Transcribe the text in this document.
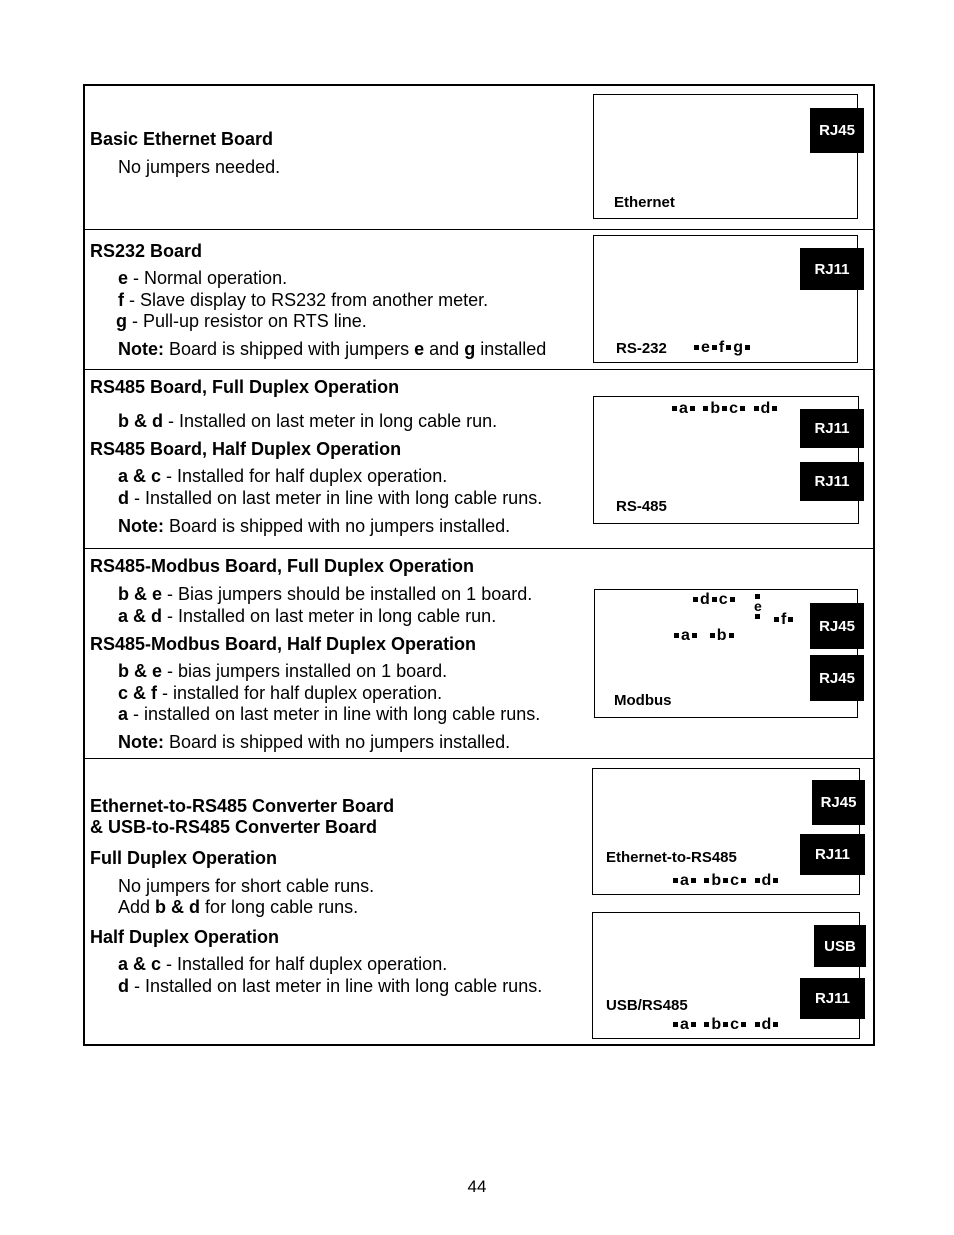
Basic Ethernet Board
No jumpers needed.
Ethernet
RJ45
RS232 Board
e - Normal operation.
f - Slave display to RS232 from another meter.
g - Pull-up resistor on RTS line.
Note: Board is shipped with jumpers e and g installed	RS-232	e f g
RJ11
RS485 Board, Full Duplex Operation
b & d - Installed on last meter in long cable run.
RS485 Board, Half Duplex Operation
a & c - Installed for half duplex operation.
d - Installed on last meter in line with long cable runs.
Note: Board is shipped with no jumpers installed.
RS-485
a b c d
RJ11
RJ11
RS485-Modbus Board, Full Duplex Operation
b & e - Bias jumpers should be installed on 1 board.
a & d - Installed on last meter in long cable run.
RS485-Modbus Board, Half Duplex Operation
b & e - bias jumpers installed on 1 board.
c & f - installed for half duplex operation.
a - installed on last meter in line with long cable runs.
Note: Board is shipped with no jumpers installed.
Modbus
d c	e
f
a b
RJ45
RJ45
Ethernet-to-RS485 Converter Board
& USB-to-RS485 Converter Board
Full Duplex Operation
No jumpers for short cable runs.
Add b & d for long cable runs.
Half Duplex Operation
a & c - Installed for half duplex operation.
d - Installed on last meter in line with long cable runs.
Ethernet-to-RS485
a b c d
RJ45
RJ11
USB/RS485
a b c d
USB
RJ11
44
